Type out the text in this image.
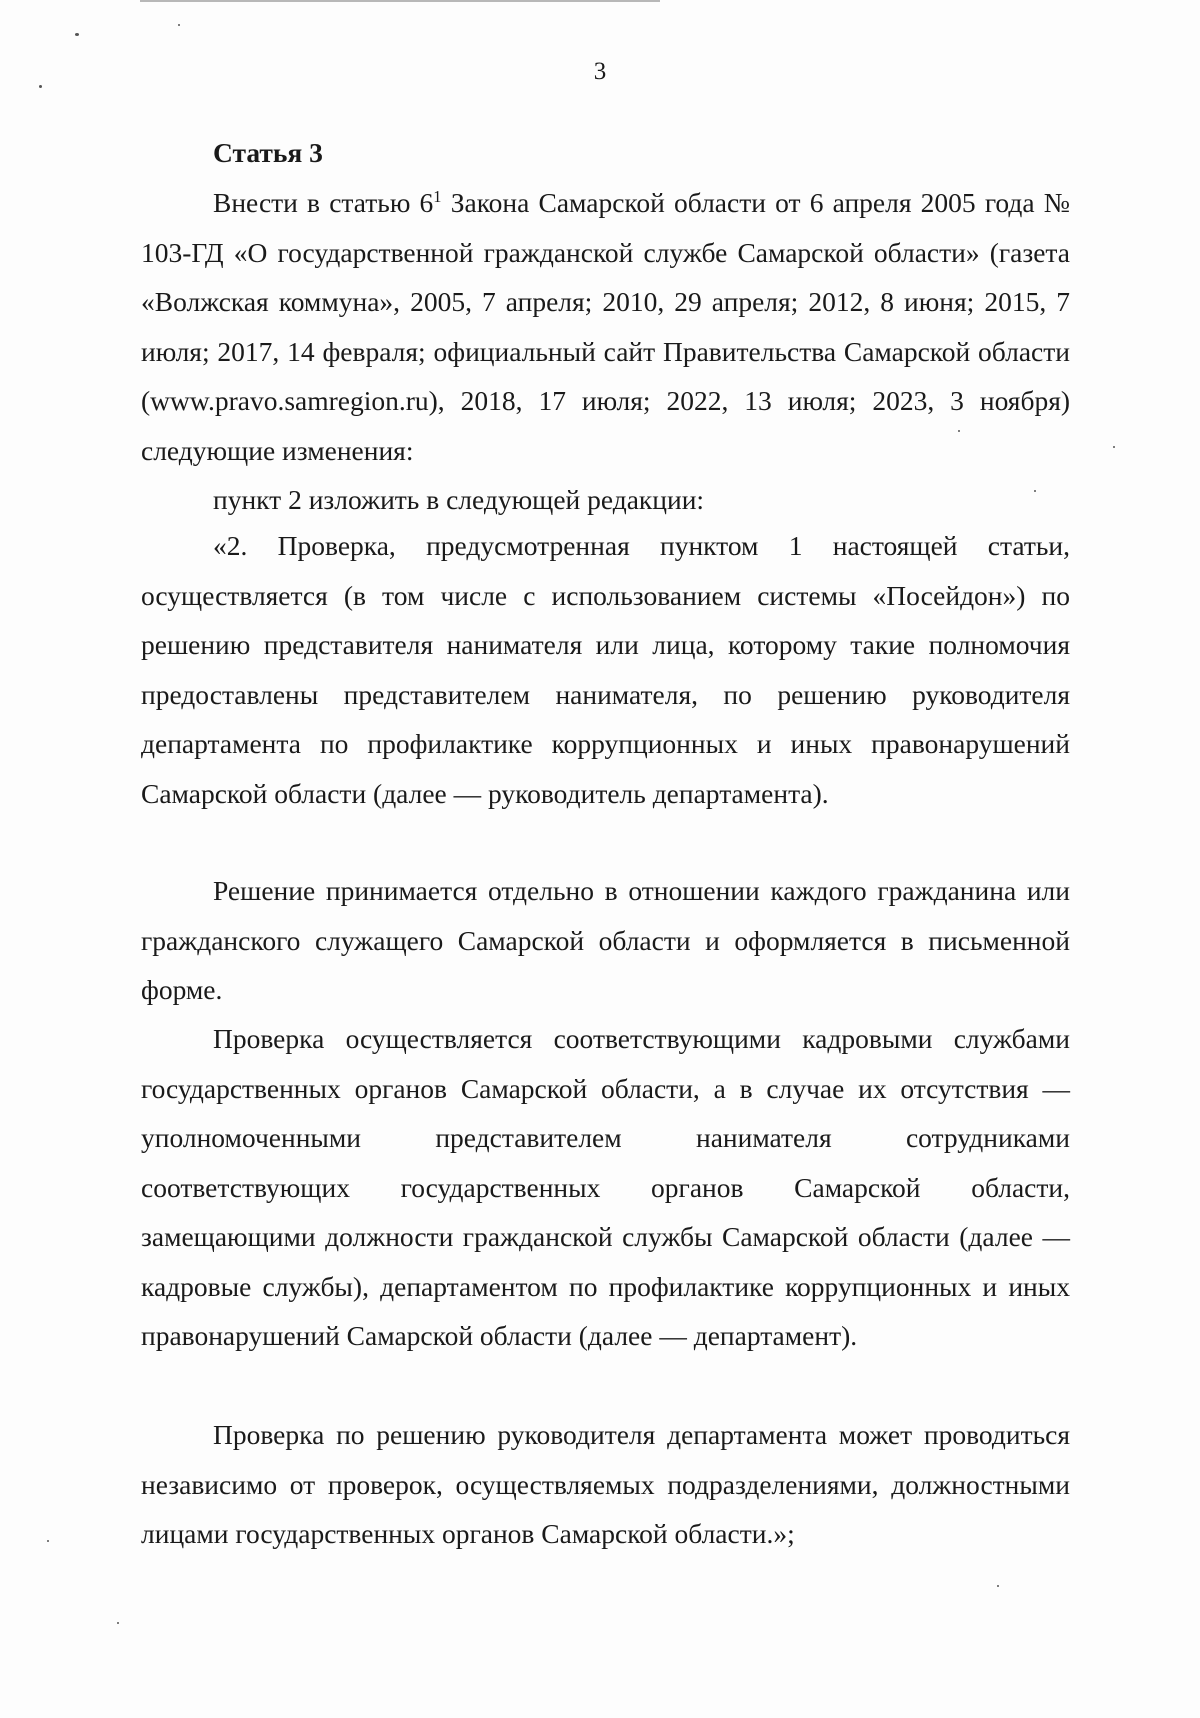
3
Статья 3

Внести в статью $6^1$ Закона Самарской области от 6 апреля 2005 года № 103-ГД «О государственной гражданской службе Самарской области» (газета «Волжская коммуна», 2005, 7 апреля; 2010, 29 апреля; 2012, 8 июня; 2015, 7 июля; 2017, 14 февраля; официальный сайт Правительства Самарской области (www.pravo.samregion.ru), 2018, 17 июля; 2022, 13 июля; 2023, 3 ноября) следующие изменения:

пункт 2 изложить в следующей редакции:

«2. Проверка, предусмотренная пунктом 1 настоящей статьи, осуществляется (в том числе с использованием системы «Посейдон») по решению представителя нанимателя или лица, которому такие полномочия предоставлены представителем нанимателя, по решению руководителя департамента по профилактике коррупционных и иных правонарушений Самарской области (далее — руководитель департамента).

Решение принимается отдельно в отношении каждого гражданина или гражданского служащего Самарской области и оформляется в письменной форме.

Проверка осуществляется соответствующими кадровыми службами государственных органов Самарской области, а в случае их отсутствия — уполномоченными представителем нанимателя сотрудниками соответствующих государственных органов Самарской области, замещающими должности гражданской службы Самарской области (далее — кадровые службы), департаментом по профилактике коррупционных и иных правонарушений Самарской области (далее — департамент).

Проверка по решению руководителя департамента может проводиться независимо от проверок, осуществляемых подразделениями, должностными лицами государственных органов Самарской области.»;
